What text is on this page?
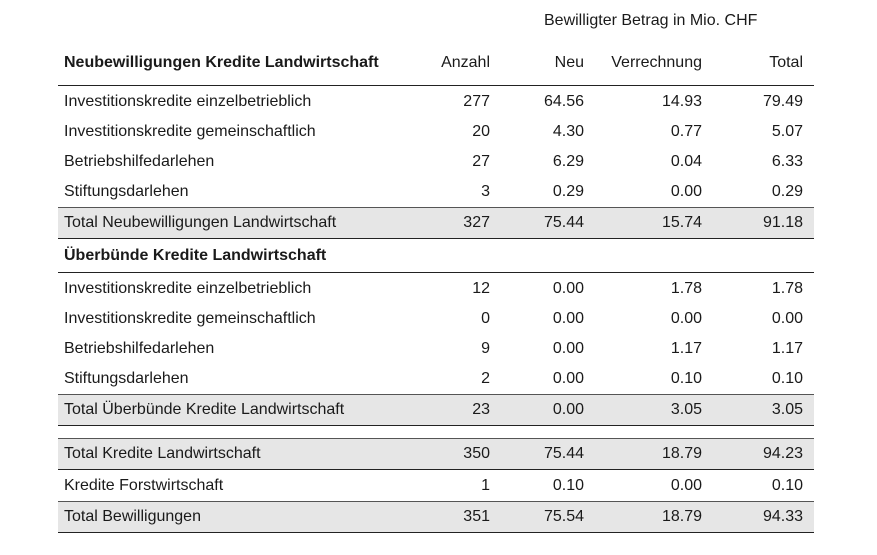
Bewilligter Betrag in Mio. CHF
Neubewilligungen Kredite Landwirtschaft	Anzahl	Neu	Verrechnung	Total
Investitionskredite einzelbetrieblich	277	64.56	14.93	79.49
Investitionskredite gemeinschaftlich	20	4.30	0.77	5.07
Betriebshilfedarlehen	27	6.29	0.04	6.33
Stiftungsdarlehen	3	0.29	0.00	0.29
Total Neubewilligungen Landwirtschaft	327	75.44	15.74	91.18
Überbünde Kredite Landwirtschaft
Investitionskredite einzelbetrieblich	12	0.00	1.78	1.78
Investitionskredite gemeinschaftlich	0	0.00	0.00	0.00
Betriebshilfedarlehen	9	0.00	1.17	1.17
Stiftungsdarlehen	2	0.00	0.10	0.10
Total Überbünde Kredite Landwirtschaft	23	0.00	3.05	3.05
Total Kredite Landwirtschaft	350	75.44	18.79	94.23
Kredite Forstwirtschaft	1	0.10	0.00	0.10
Total Bewilligungen	351	75.54	18.79	94.33
